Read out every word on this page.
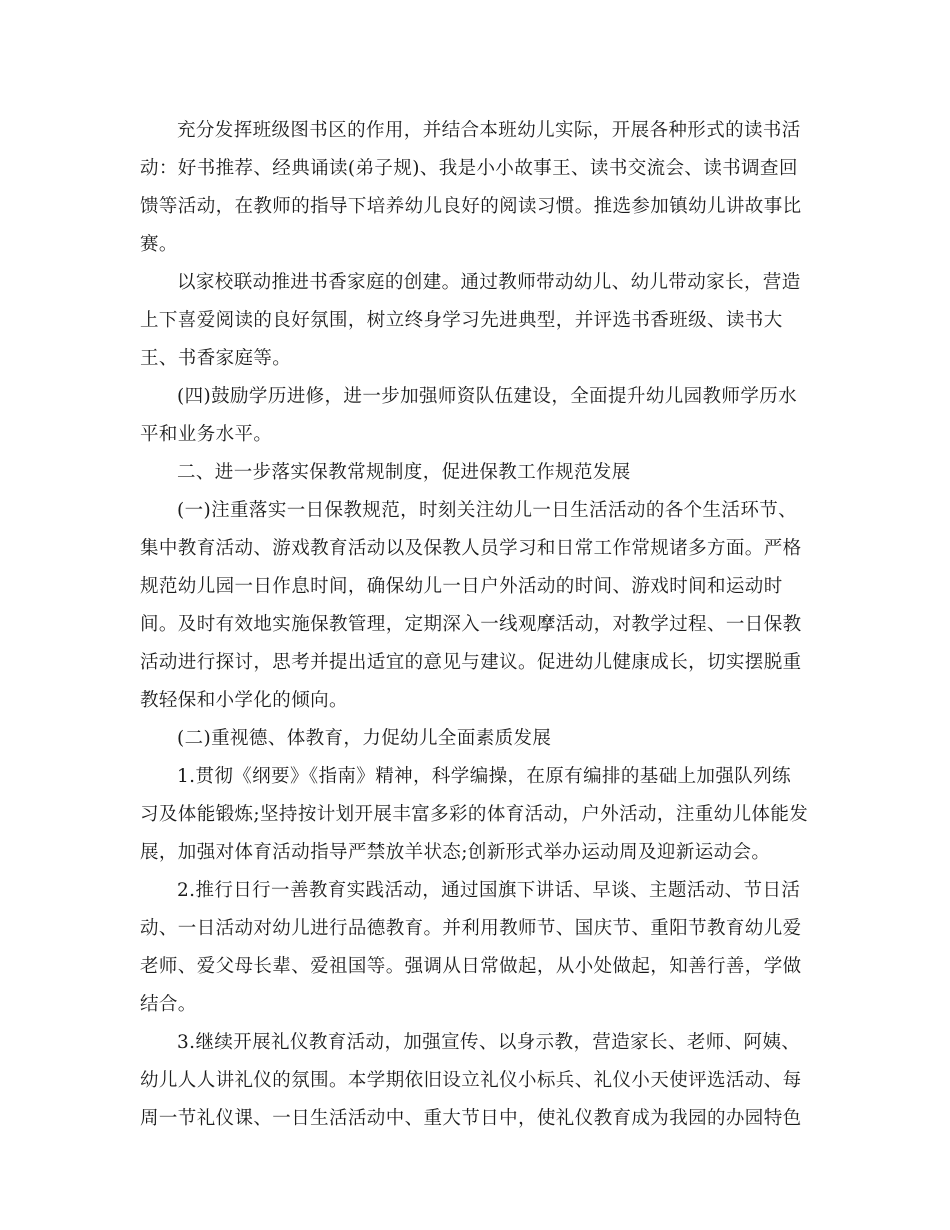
充分发挥班级图书区的作用，并结合本班幼儿实际，开展各种形式的读书活
动：好书推荐、经典诵读(弟子规)、我是小小故事王、读书交流会、读书调查回
馈等活动，在教师的指导下培养幼儿良好的阅读习惯。推选参加镇幼儿讲故事比
赛。
以家校联动推进书香家庭的创建。通过教师带动幼儿、幼儿带动家长，营造
上下喜爱阅读的良好氛围，树立终身学习先进典型，并评选书香班级、读书大
王、书香家庭等。
(四)鼓励学历进修，进一步加强师资队伍建设，全面提升幼儿园教师学历水
平和业务水平。
二、进一步落实保教常规制度，促进保教工作规范发展
(一)注重落实一日保教规范，时刻关注幼儿一日生活活动的各个生活环节、
集中教育活动、游戏教育活动以及保教人员学习和日常工作常规诸多方面。严格
规范幼儿园一日作息时间，确保幼儿一日户外活动的时间、游戏时间和运动时
间。及时有效地实施保教管理，定期深入一线观摩活动，对教学过程、一日保教
活动进行探讨，思考并提出适宜的意见与建议。促进幼儿健康成长，切实摆脱重
教轻保和小学化的倾向。
(二)重视德、体教育，力促幼儿全面素质发展
1.贯彻《纲要》《指南》精神，科学编操，在原有编排的基础上加强队列练
习及体能锻炼;坚持按计划开展丰富多彩的体育活动，户外活动，注重幼儿体能发
展，加强对体育活动指导严禁放羊状态;创新形式举办运动周及迎新运动会。
2.推行日行一善教育实践活动，通过国旗下讲话、早谈、主题活动、节日活
动、一日活动对幼儿进行品德教育。并利用教师节、国庆节、重阳节教育幼儿爱
老师、爱父母长辈、爱祖国等。强调从日常做起，从小处做起，知善行善，学做
结合。
3.继续开展礼仪教育活动，加强宣传、以身示教，营造家长、老师、阿姨、
幼儿人人讲礼仪的氛围。本学期依旧设立礼仪小标兵、礼仪小天使评选活动、每
周一节礼仪课、一日生活活动中、重大节日中，使礼仪教育成为我园的办园特色
